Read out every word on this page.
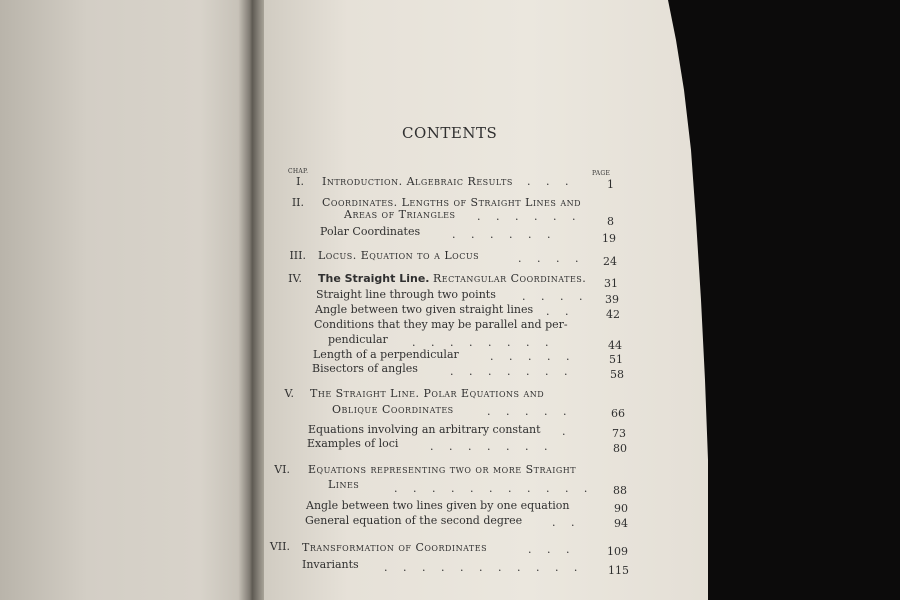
CONTENTS
CHAP.	PAGE
I. Introduction. Algebraic Results . . .	1
II. Coordinates. Lengths of Straight Lines and
Areas of Triangles . . . . . .	8
Polar Coordinates	. . . . . .	19
III. Locus. Equation to a Locus	. . . .	24
IV. The Straight Line. Rectangular Coordinates.	31
Straight line through two points . . . .	39
Angle between two given straight lines . .	42
Conditions that they may be parallel and per-
pendicular . . . . . . . .	44
Length of a perpendicular	. . . . .	51
Bisectors of angles	. . . . . . .	58
V. The Straight Line. Polar Equations and
Oblique Coordinates	. . . . .	66
Equations involving an arbitrary constant .	73
Examples of loci	. . . . . . .	80
VI. Equations representing two or more Straight
Lines	. . . . . . . . . . .	88
Angle between two lines given by one equation	90
General equation of the second degree	. .	94
VII. Transformation of Coordinates	. . .	109
Invariants . . . . . . . . . . .	115
